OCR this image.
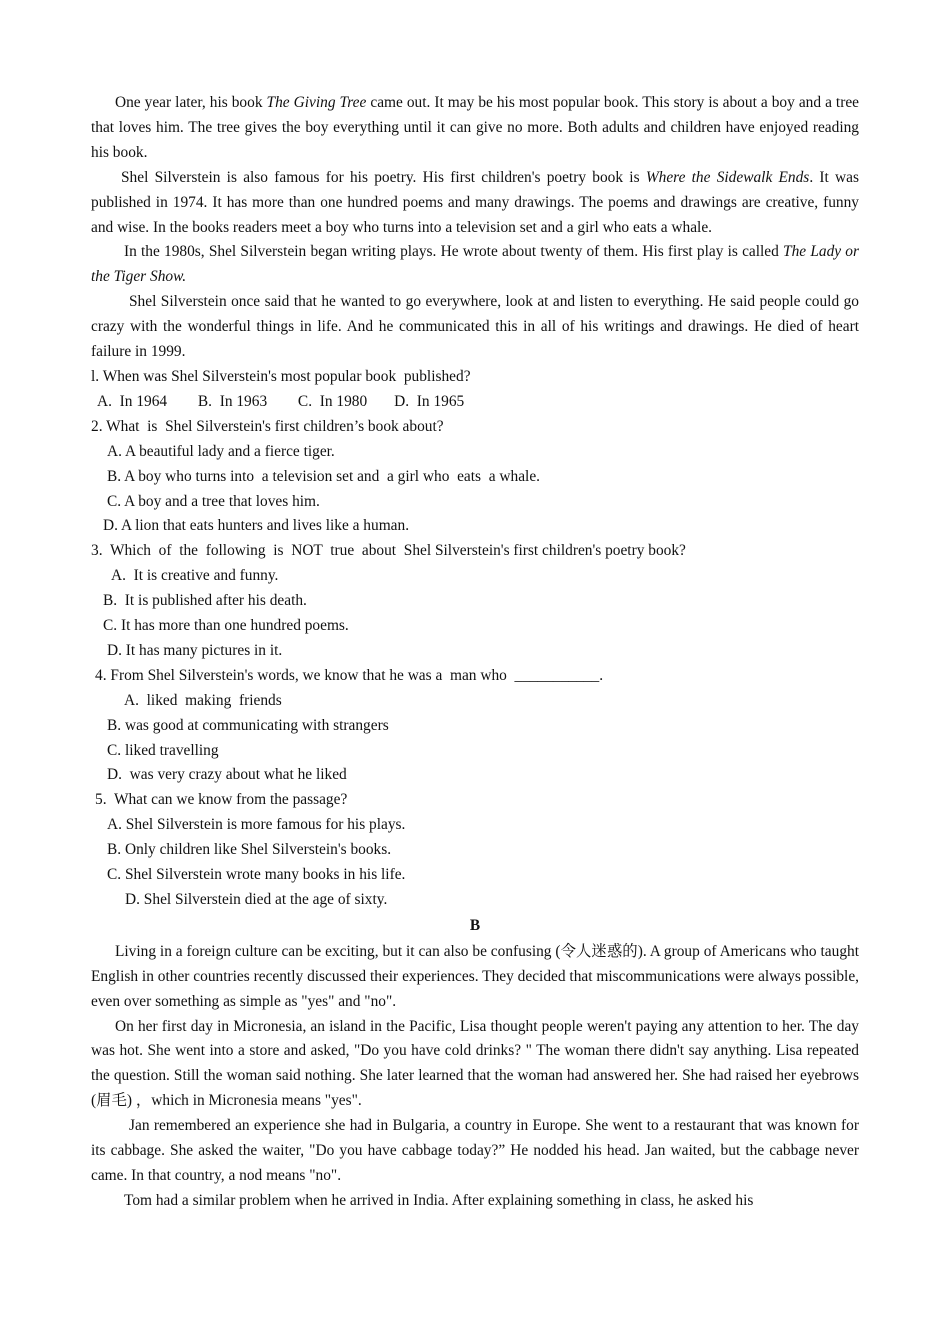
One year later, his book The Giving Tree came out. It may be his most popular book. This story is about a boy and a tree that loves him. The tree gives the boy everything until it can give no more. Both adults and children have enjoyed reading his book.
Shel Silverstein is also famous for his poetry. His first children's poetry book is Where the Sidewalk Ends. It was published in 1974. It has more than one hundred poems and many drawings. The poems and drawings are creative, funny and wise. In the books readers meet a boy who turns into a television set and a girl who eats a whale.
In the 1980s, Shel Silverstein began writing plays. He wrote about twenty of them. His first play is called The Lady or the Tiger Show.
Shel Silverstein once said that he wanted to go everywhere, look at and listen to everything. He said people could go crazy with the wonderful things in life. And he communicated this in all of his writings and drawings. He died of heart failure in 1999.
l. When was Shel Silverstein's most popular book  published?
A.  In 1964        B.  In 1963        C.  In 1980       D.  In 1965
2. What  is  Shel Silverstein's first children’s book about?
A. A beautiful lady and a fierce tiger.
B. A boy who turns into  a television set and  a girl who  eats  a whale.
C. A boy and a tree that loves him.
D. A lion that eats hunters and lives like a human.
3.  Which  of  the  following  is  NOT  true  about  Shel Silverstein's first children's poetry book?
A.  It is creative and funny.
B.  It is published after his death.
C. It has more than one hundred poems.
D. It has many pictures in it.
4. From Shel Silverstein's words, we know that he was a  man who  ___________.
A.  liked  making  friends
B. was good at communicating with strangers
C. liked travelling
D.  was very crazy about what he liked
5.  What can we know from the passage?
A. Shel Silverstein is more famous for his plays.
B. Only children like Shel Silverstein's books.
C. Shel Silverstein wrote many books in his life.
D. Shel Silverstein died at the age of sixty.
B
Living in a foreign culture can be exciting, but it can also be confusing (令人迷惑的). A group of Americans who taught English in other countries recently discussed their experiences. They decided that miscommunications were always possible, even over something as simple as "yes" and "no".
On her first day in Micronesia, an island in the Pacific, Lisa thought people weren't paying any attention to her. The day was hot. She went into a store and asked, "Do you have cold drinks? " The woman there didn't say anything. Lisa repeated the question. Still the woman said nothing. She later learned that the woman had answered her. She had raised her eyebrows (眉毛) ，which in Micronesia means "yes".
Jan remembered an experience she had in Bulgaria, a country in Europe. She went to a restaurant that was known for its cabbage. She asked the waiter, "Do you have cabbage today?” He nodded his head. Jan waited, but the cabbage never came. In that country, a nod means "no".
Tom had a similar problem when he arrived in India. After explaining something in class, he asked his
